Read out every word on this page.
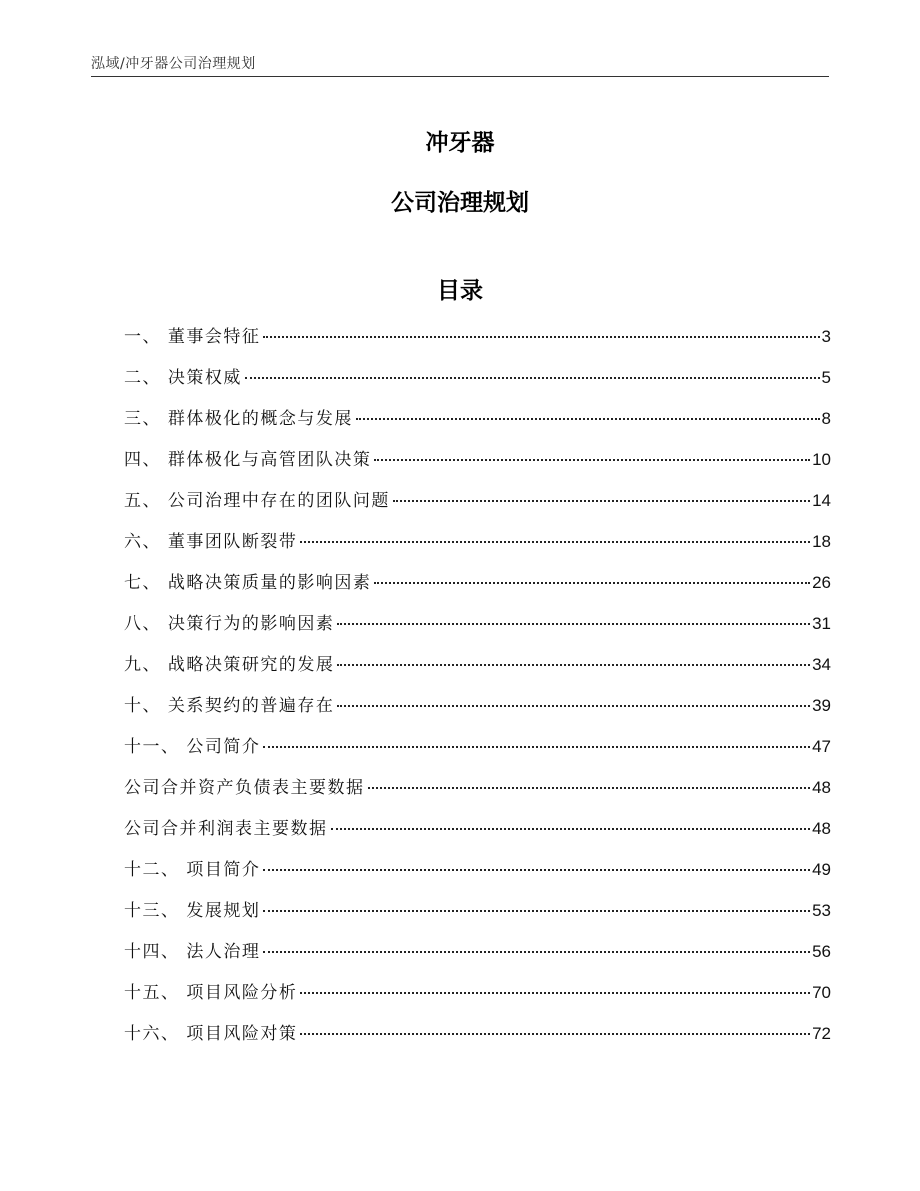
泓域/冲牙器公司治理规划
冲牙器
公司治理规划
目录
一、 董事会特征	3
二、 决策权威	5
三、 群体极化的概念与发展	8
四、 群体极化与高管团队决策	10
五、 公司治理中存在的团队问题	14
六、 董事团队断裂带	18
七、 战略决策质量的影响因素	26
八、 决策行为的影响因素	31
九、 战略决策研究的发展	34
十、 关系契约的普遍存在	39
十一、 公司简介	47
公司合并资产负债表主要数据	48
公司合并利润表主要数据	48
十二、 项目简介	49
十三、 发展规划	53
十四、 法人治理	56
十五、 项目风险分析	70
十六、 项目风险对策	72
